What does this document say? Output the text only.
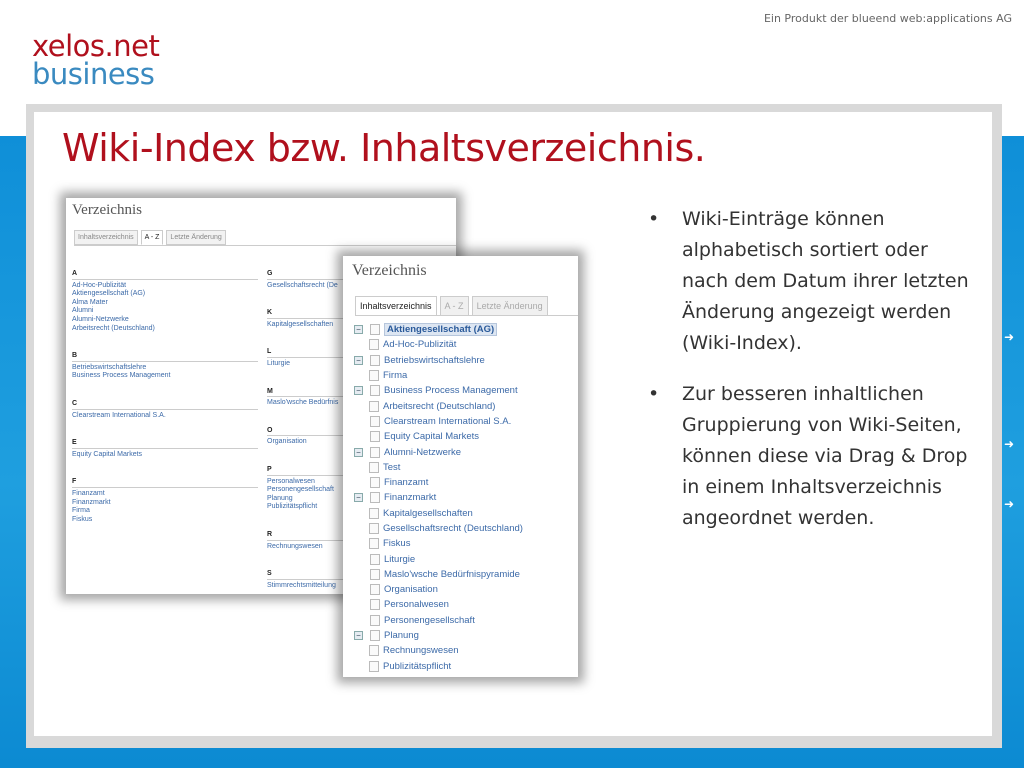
Ein Produkt der blueend web:applications AG
xelos.net
business
➜
➜
➜
Wiki-Index bzw. Inhaltsverzeichnis.
• Wiki-Einträge können alphabetisch sortiert oder nach dem Datum ihrer letzten Änderung angezeigt werden (Wiki-Index).
• Zur besseren inhaltlichen Gruppierung von Wiki-Seiten, können diese via Drag & Drop in einem Inhaltsverzeichnis angeordnet werden.
Verzeichnis
Inhaltsverzeichnis	A - Z	Letzte Änderung
A
Ad-Hoc-Publizität
Aktiengesellschaft (AG)
Alma Mater
Alumni
Alumni-Netzwerke
Arbeitsrecht (Deutschland)
B
Betriebswirtschaftslehre
Business Process Management
C
Clearstream International S.A.
E
Equity Capital Markets
F
Finanzamt
Finanzmarkt
Firma
Fiskus
G
Gesellschaftsrecht (De
K
Kapitalgesellschaften
L
Liturgie
M
Maslo'wsche Bedürfnis
O
Organisation
P
Personalwesen
Personengesellschaft
Planung
Publizitätspflicht
R
Rechnungswesen
S
Stimmrechtsmitteilung
Verzeichnis
Inhaltsverzeichnis	A - Z	Letzte Änderung
−	Aktiengesellschaft (AG)
Ad-Hoc-Publizität
− Betriebswirtschaftslehre
Firma
− Business Process Management
Arbeitsrecht (Deutschland)
Clearstream International S.A.
Equity Capital Markets
− Alumni-Netzwerke
Test
Finanzamt
− Finanzmarkt
Kapitalgesellschaften
Gesellschaftsrecht (Deutschland)
Fiskus
Liturgie
Maslo'wsche Bedürfnispyramide
Organisation
Personalwesen
Personengesellschaft
− Planung
Rechnungswesen
Publizitätspflicht
